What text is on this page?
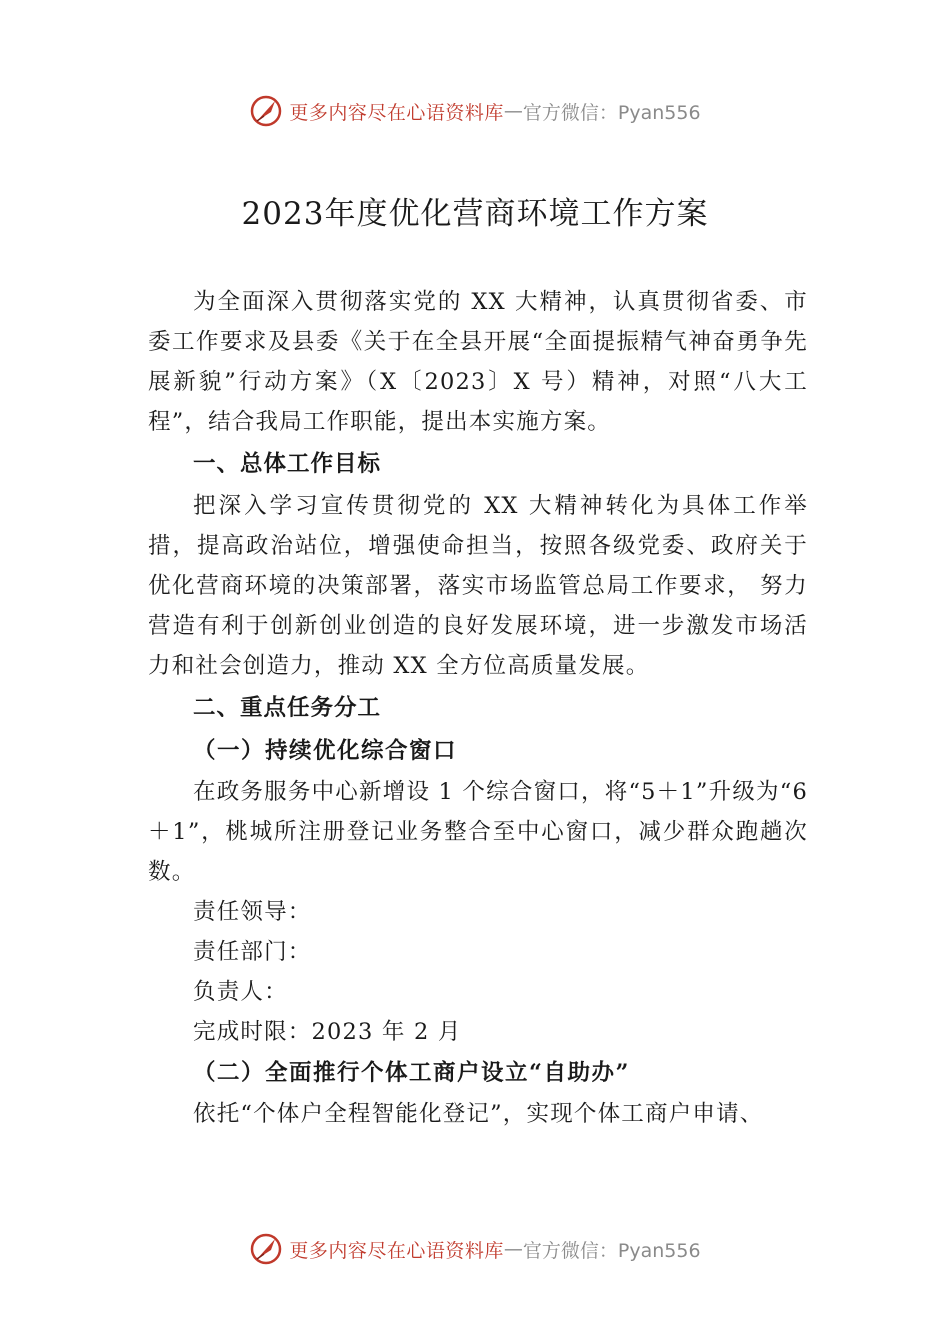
更多内容尽在心语资料库 — 官方微信：Pyan556
2023年度优化营商环境工作方案

为全面深入贯彻落实党的 XX 大精神，认真贯彻省委、市委工作要求及县委《关于在全县开展“全面提振精气神奋勇争先展新貌”行动方案》（X〔2023〕X 号）精神，对照“八大工程”，结合我局工作职能，提出本实施方案。

一、总体工作目标

把深入学习宣传贯彻党的 XX 大精神转化为具体工作举措，提高政治站位，增强使命担当，按照各级党委、政府关于优化营商环境的决策部署，落实市场监管总局工作要求， 努力营造有利于创新创业创造的良好发展环境，进一步激发市场活力和社会创造力，推动 XX 全方位高质量发展。

二、重点任务分工
（一）持续优化综合窗口

在政务服务中心新增设 1 个综合窗口，将“5＋1”升级为“6＋1”，桃城所注册登记业务整合至中心窗口，减少群众跑趟次数。

责任领导：
责任部门：
负责人：
完成时限：2023 年 2 月
（二）全面推行个体工商户设立“自助办”

依托“个体户全程智能化登记”，实现个体工商户申请、

更多内容尽在心语资料库 — 官方微信：Pyan556
